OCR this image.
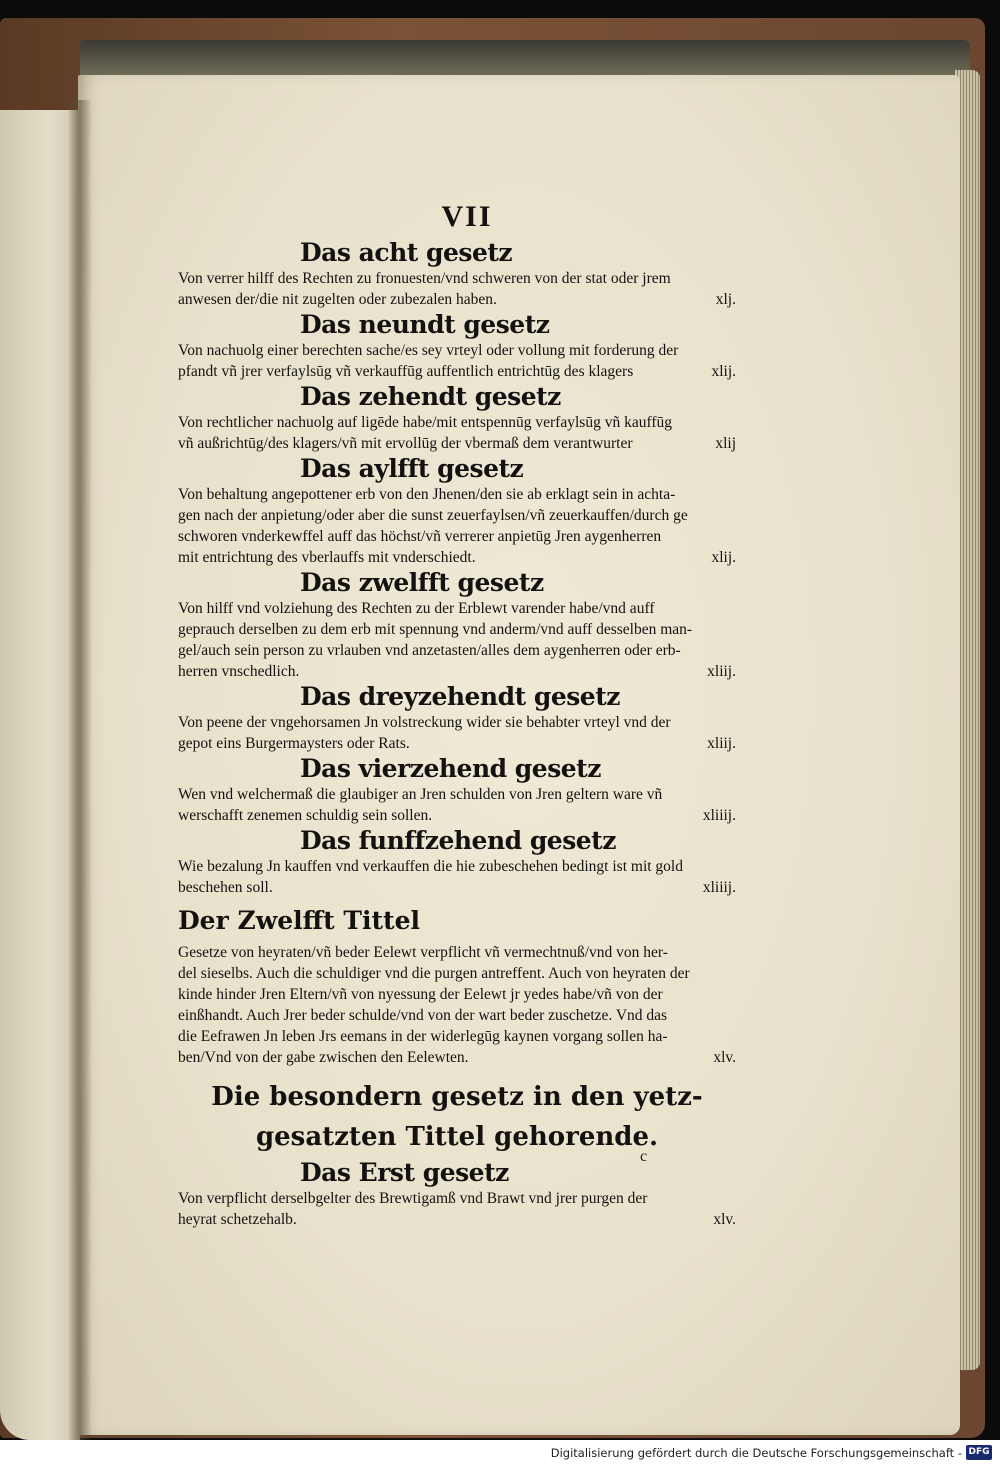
VII
Das acht gesetz

Von verrer hilff des Rechten zu fronuesten/vnd schweren von der stat oder jrem

xlj.
anwesen der/die nit zugelten oder zubezalen haben.

Das neundt gesetz

Von nachuolg einer berechten sache/es sey vrteyl oder vollung mit forderung der

xlij.
pfandt vñ jrer verfaylsūg vñ verkauffūg auffentlich entrichtūg des klagers

Das zehendt gesetz

Von rechtlicher nachuolg auf ligēde habe/mit entspennūg verfaylsūg vñ kauffūg

xlij
vñ außrichtūg/des klagers/vñ mit ervollūg der vbermaß dem verantwurter

Das aylfft gesetz

Von behaltung angepottener erb von den Jhenen/den sie ab erklagt sein in achta-

gen nach der anpietung/oder aber die sunst zeuerfaylsen/vñ zeuerkauffen/durch ge

schworen vnderkewffel auff das höchst/vñ verrerer anpietūg Jren aygenherren

xlij.
mit entrichtung des vberlauffs mit vnderschiedt.

Das zwelfft gesetz

Von hilff vnd volziehung des Rechten zu der Erblewt varender habe/vnd auff

geprauch derselben zu dem erb mit spennung vnd anderm/vnd auff desselben man-

gel/auch sein person zu vrlauben vnd anzetasten/alles dem aygenherren oder erb-

xliij.
herren vnschedlich.

Das dreyzehendt gesetz

Von peene der vngehorsamen Jn volstreckung wider sie behabter vrteyl vnd der

xliij.
gepot eins Burgermaysters oder Rats.

Das vierzehend gesetz

Wen vnd welchermaß die glaubiger an Jren schulden von Jren geltern ware vñ

xliiij.
werschafft zenemen schuldig sein sollen.

Das funffzehend gesetz

Wie bezalung Jn kauffen vnd verkauffen die hie zubeschehen bedingt ist mit gold

xliiij.
beschehen soll.

Der Zwelfft Tittel

Gesetze von heyraten/vñ beder Eelewt verpflicht vñ vermechtnuß/vnd von her-

del sieselbs. Auch die schuldiger vnd die purgen antreffent. Auch von heyraten der

kinde hinder Jren Eltern/vñ von nyessung der Eelewt jr yedes habe/vñ von der

einßhandt. Auch Jrer beder schulde/vnd von der wart beder zuschetze. Vnd das

die Eefrawen Jn leben Jrs eemans in der widerlegūg kaynen vorgang sollen ha-

xlv.
ben/Vnd von der gabe zwischen den Eelewten.

Die besondern gesetz in den yetz-
gesatzten Tittel gehorende.
Das Erst gesetz

Von verpflicht derselbgelter des Brewtigamß vnd Brawt vnd jrer purgen der

xlv.
heyrat schetzehalb.

c
Digitalisierung gefördert durch die Deutsche Forschungsgemeinschaft - DFG
